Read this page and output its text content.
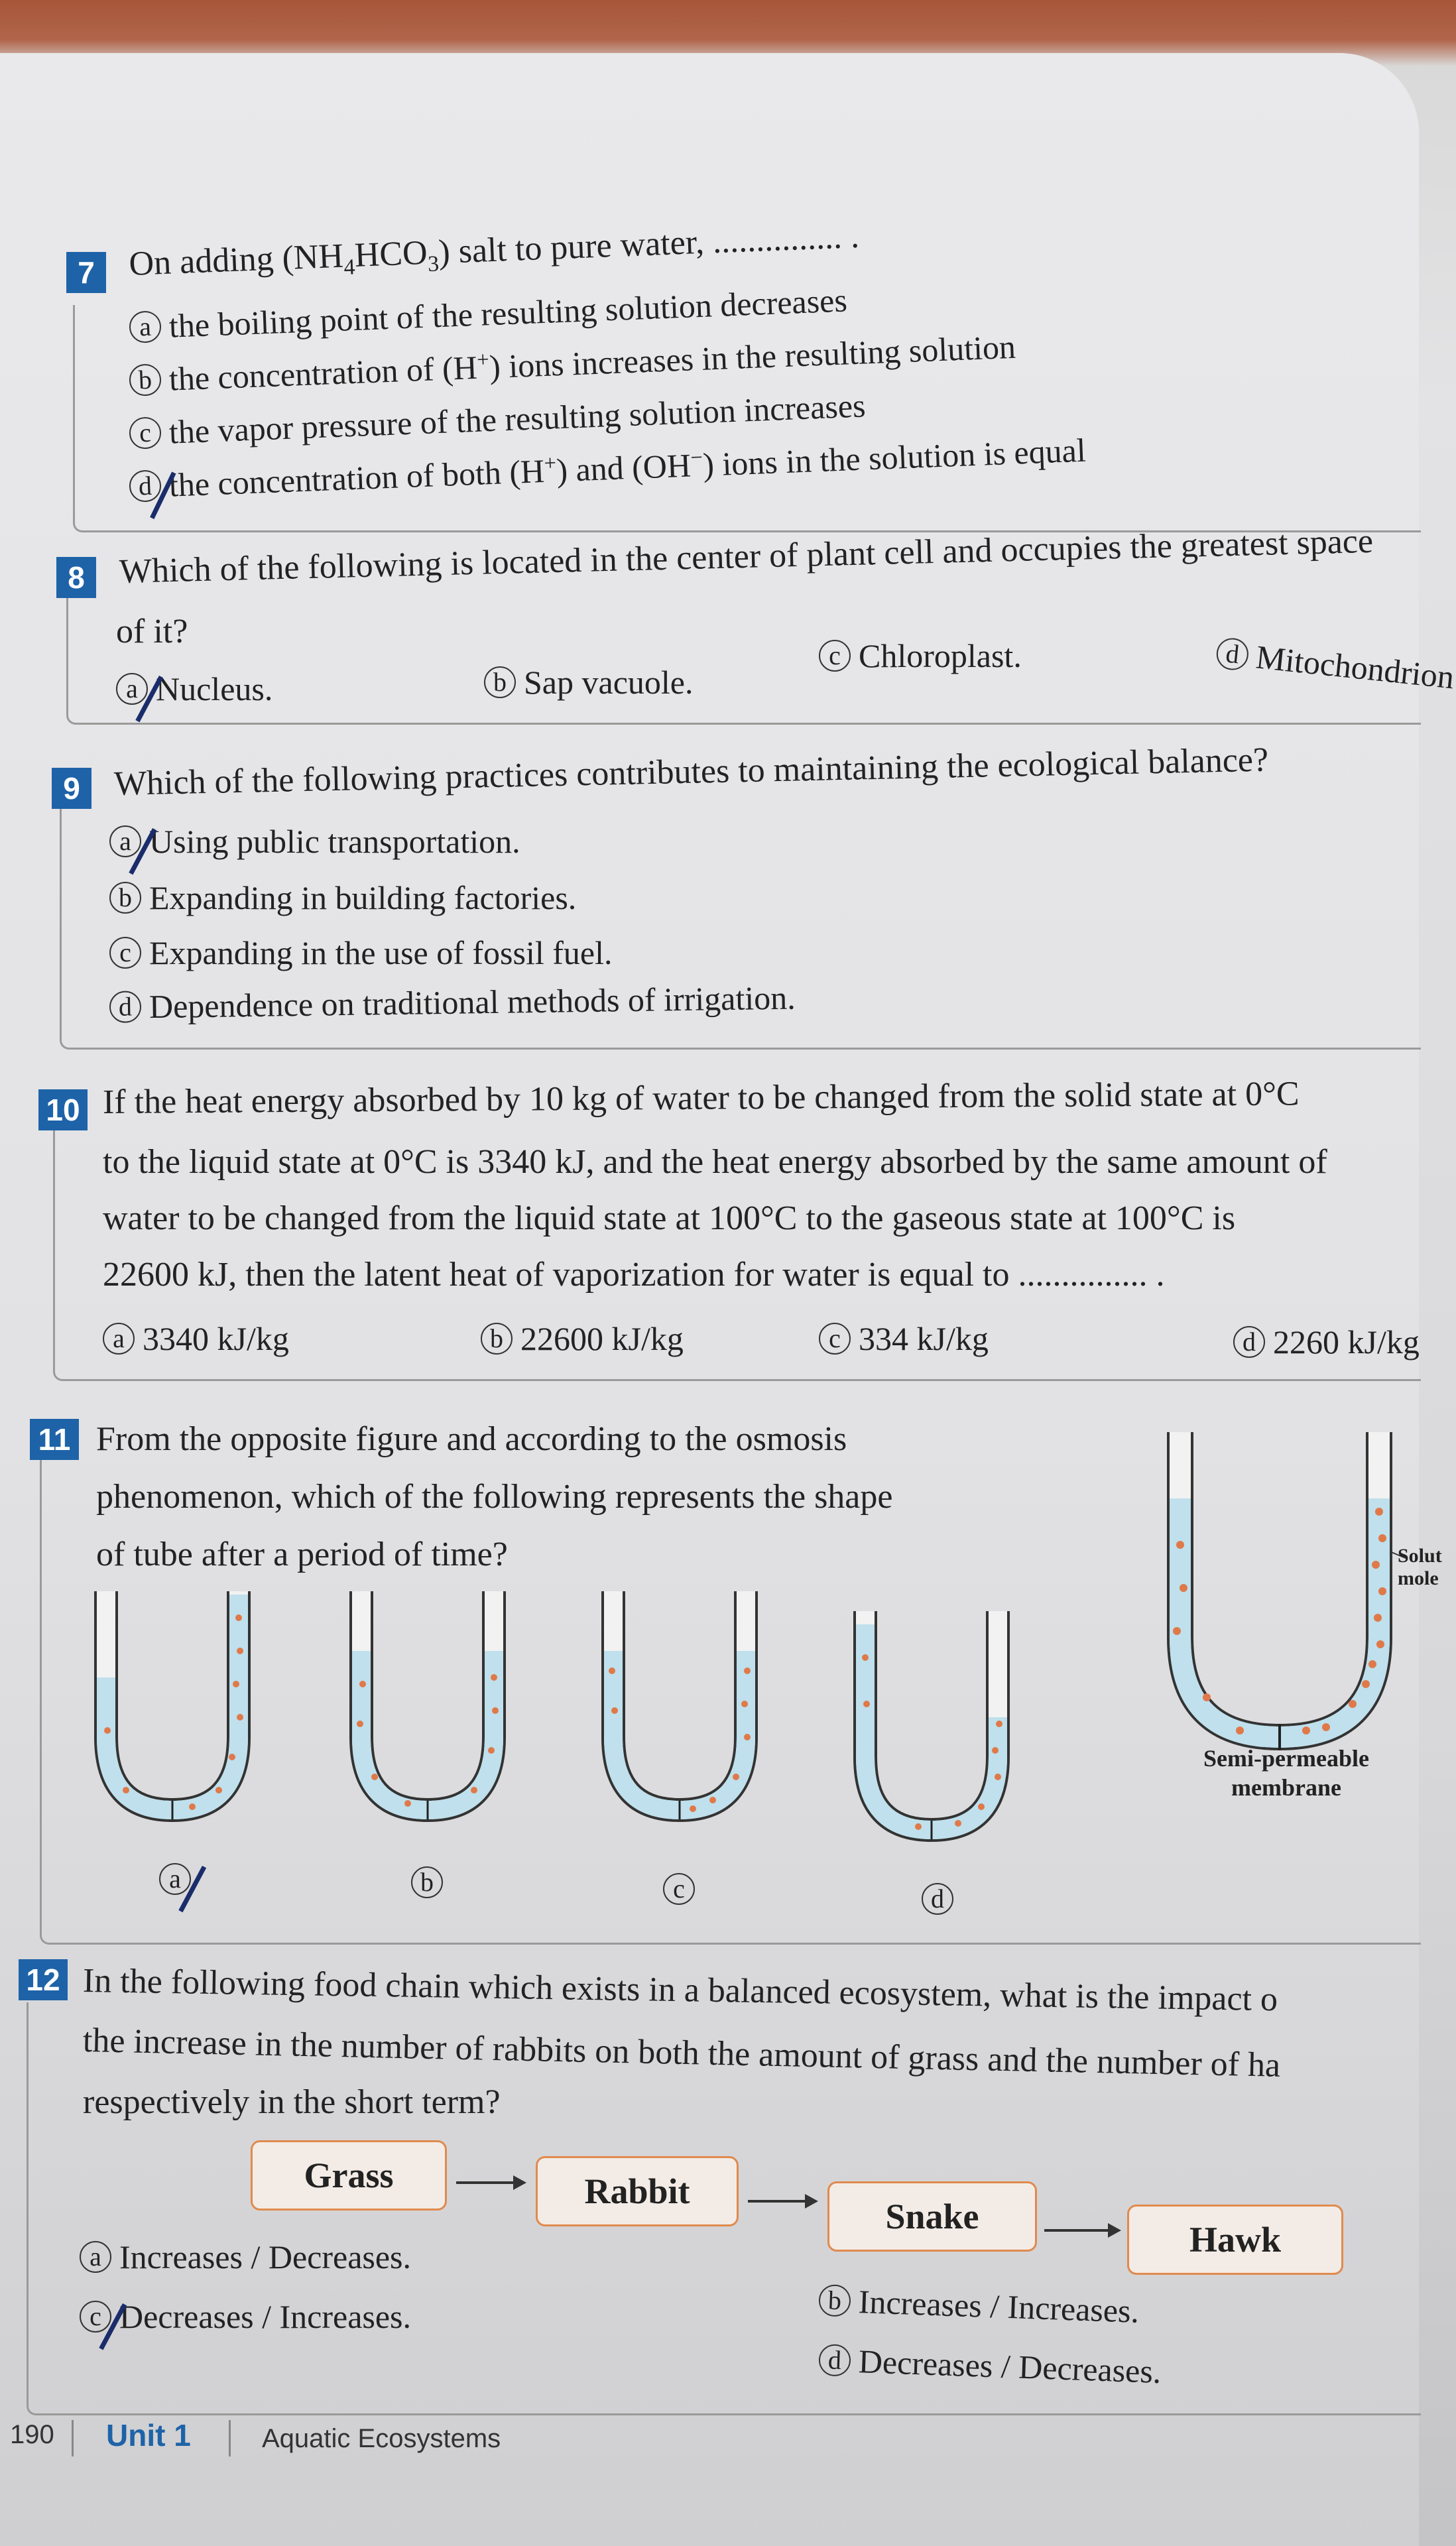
7 On adding $(NH_4HCO_3)$ salt to pure water, ............... .
a the boiling point of the resulting solution decreases
b the concentration of (H+) ions increases in the resulting solution
c the vapor pressure of the resulting solution increases
d the concentration of both (H+) and (OH−) ions in the solution is equal
8 Which of the following is located in the center of plant cell and occupies the greatest space
of it?
a Nucleus.	b Sap vacuole.
c Chloroplast.	d Mitochondrion
9 Which of the following practices contributes to maintaining the ecological balance?
a Using public transportation.
b Expanding in building factories.
c Expanding in the use of fossil fuel.
d Dependence on traditional methods of irrigation.
10 If the heat energy absorbed by 10 kg of water to be changed from the solid state at 0°C
to the liquid state at 0°C is 3340 kJ, and the heat energy absorbed by the same amount of
water to be changed from the liquid state at 100°C to the gaseous state at 100°C is
22600 kJ, then the latent heat of vaporization for water is equal to ............... .
a 3340 kJ/kg	b 22600 kJ/kg	c 334 kJ/kg	d 2260 kJ/kg
11 From the opposite figure and according to the osmosis
phenomenon, which of the following represents the shape
of tube after a period of time?	Solut
mole
Semi-permeable
membrane
a	b	c	d
12 In the following food chain which exists in a balanced ecosystem, what is the impact o
the increase in the number of rabbits on both the amount of grass and the number of ha
respectively in the short term?
Grass	Rabbit
Snake
Hawk
a Increases / Decreases.
b Increases / Increases.
c Decreases / Increases.
d Decreases / Decreases.
190 Unit 1	Aquatic Ecosystems
